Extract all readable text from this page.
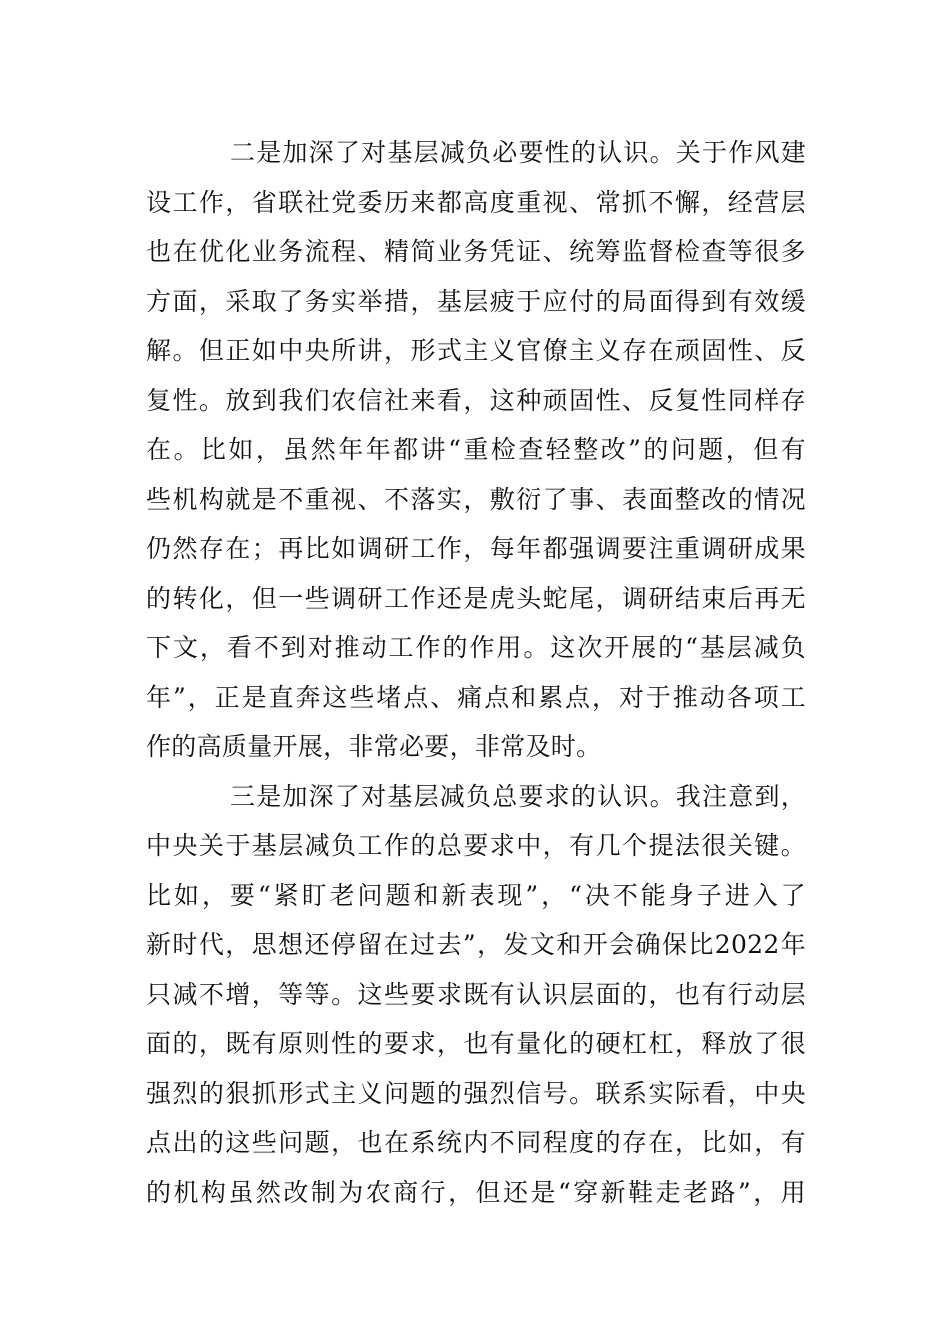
二是加深了对基层减负必要性的认识。关于作风建
设工作，省联社党委历来都高度重视、常抓不懈，经营层
也在优化业务流程、精简业务凭证、统筹监督检查等很多
方面，采取了务实举措，基层疲于应付的局面得到有效缓
解。但正如中央所讲，形式主义官僚主义存在顽固性、反
复性。放到我们农信社来看，这种顽固性、反复性同样存
在。比如，虽然年年都讲“重检查轻整改”的问题，但有
些机构就是不重视、不落实，敷衍了事、表面整改的情况
仍然存在；再比如调研工作，每年都强调要注重调研成果
的转化，但一些调研工作还是虎头蛇尾，调研结束后再无
下文，看不到对推动工作的作用。这次开展的“基层减负
年”，正是直奔这些堵点、痛点和累点，对于推动各项工
作的高质量开展，非常必要，非常及时。
三是加深了对基层减负总要求的认识。我注意到，
中央关于基层减负工作的总要求中，有几个提法很关键。
比如，要“紧盯老问题和新表现”，“决不能身子进入了
新时代，思想还停留在过去”，发文和开会确保比2022年
只减不增，等等。这些要求既有认识层面的，也有行动层
面的，既有原则性的要求，也有量化的硬杠杠，释放了很
强烈的狠抓形式主义问题的强烈信号。联系实际看，中央
点出的这些问题，也在系统内不同程度的存在，比如，有
的机构虽然改制为农商行，但还是“穿新鞋走老路”，用
